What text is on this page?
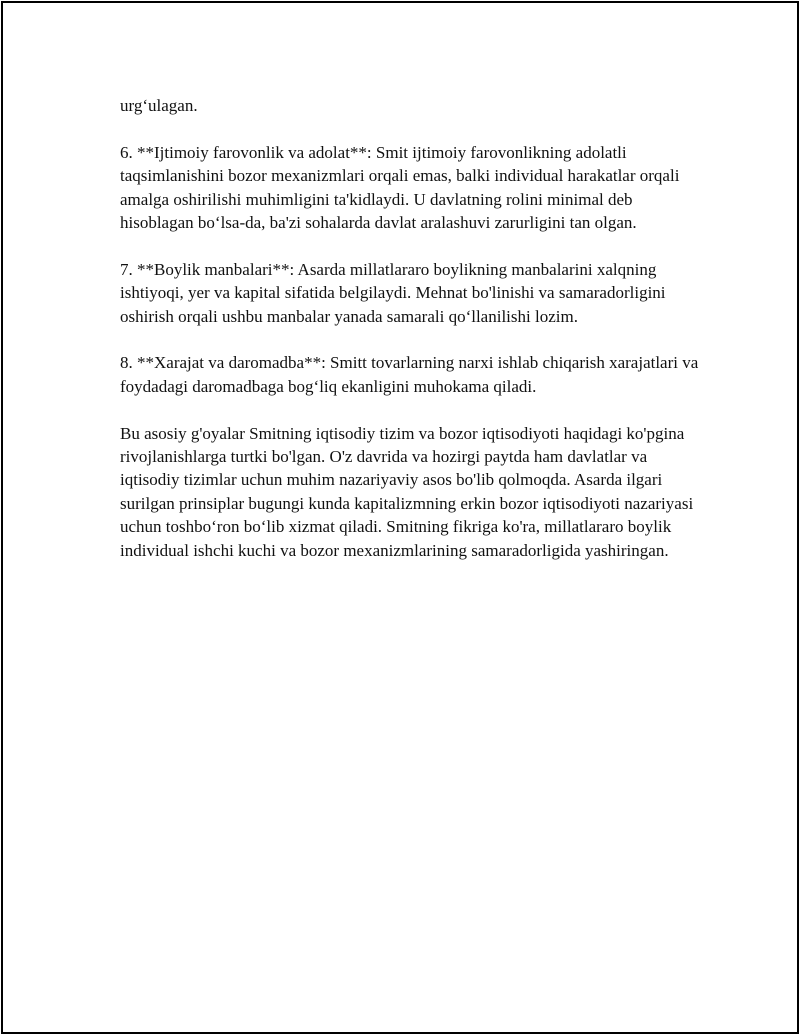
urg‘ulagan.

6. **Ijtimoiy farovonlik va adolat**: Smit ijtimoiy farovonlikning adolatli taqsimlanishini bozor mexanizmlari orqali emas, balki individual harakatlar orqali amalga oshirilishi muhimligini ta'kidlaydi. U davlatning rolini minimal deb hisoblagan bo‘lsa-da, ba'zi sohalarda davlat aralashuvi zarurligini tan olgan.

7. **Boylik manbalari**: Asarda millatlararo boylikning manbalarini xalqning ishtiyoqi, yer va kapital sifatida belgilaydi. Mehnat bo'linishi va samaradorligini oshirish orqali ushbu manbalar yanada samarali qo‘llanilishi lozim.

8. **Xarajat va daromadba**: Smitt tovarlarning narxi ishlab chiqarish xarajatlari va foydadagi daromadbaga bog‘liq ekanligini muhokama qiladi.

Bu asosiy g'oyalar Smitning iqtisodiy tizim va bozor iqtisodiyoti haqidagi ko'pgina rivojlanishlarga turtki bo'lgan. O'z davrida va hozirgi paytda ham davlatlar va iqtisodiy tizimlar uchun muhim nazariyaviy asos bo'lib qolmoqda. Asarda ilgari surilgan prinsiplar bugungi kunda kapitalizmning erkin bozor iqtisodiyoti nazariyasi uchun toshbo‘ron bo‘lib xizmat qiladi. Smitning fikriga ko'ra, millatlararo boylik individual ishchi kuchi va bozor mexanizmlarining samaradorligida yashiringan.
